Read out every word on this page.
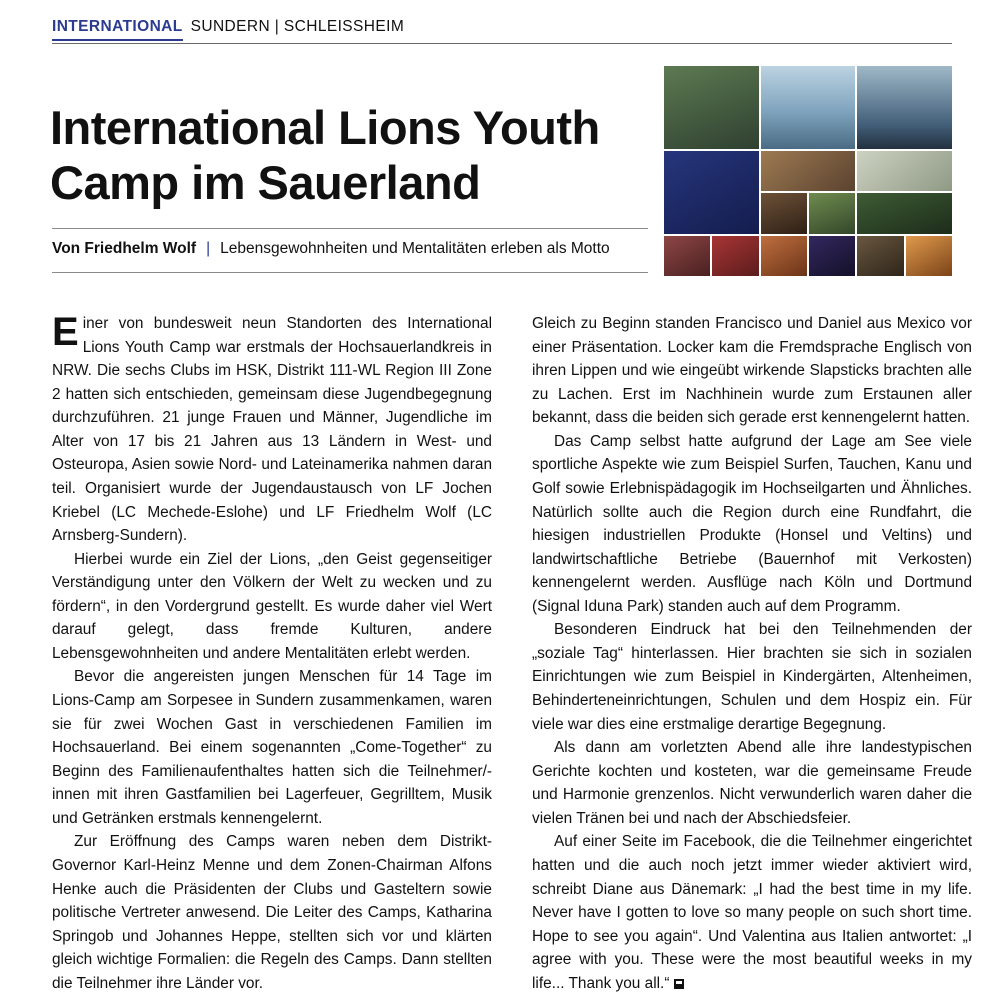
INTERNATIONAL SUNDERN | SCHLEISSHEIM
International Lions Youth Camp im Sauerland
Von Friedhelm Wolf | Lebensgewohnheiten und Mentalitäten erleben als Motto

Einer von bundesweit neun Standorten des International Lions Youth Camp war erstmals der Hochsauerlandkreis in NRW. Die sechs Clubs im HSK, Distrikt 111-WL Region III Zone 2 hatten sich entschieden, gemeinsam diese Jugendbegegnung durchzuführen. 21 junge Frauen und Männer, Jugendliche im Alter von 17 bis 21 Jahren aus 13 Ländern in West- und Osteuropa, Asien sowie Nord- und Lateinamerika nahmen daran teil. Organisiert wurde der Jugendaustausch von LF Jochen Kriebel (LC Mechede-Eslohe) und LF Friedhelm Wolf (LC Arnsberg-Sundern).

Hierbei wurde ein Ziel der Lions, „den Geist gegenseitiger Verständigung unter den Völkern der Welt zu wecken und zu fördern“, in den Vordergrund gestellt. Es wurde daher viel Wert darauf gelegt, dass fremde Kulturen, andere Lebensgewohnheiten und andere Mentalitäten erlebt werden.

Bevor die angereisten jungen Menschen für 14 Tage im Lions-Camp am Sorpesee in Sundern zusammenkamen, waren sie für zwei Wochen Gast in verschiedenen Familien im Hochsauerland. Bei einem sogenannten „Come-Together“ zu Beginn des Familienaufenthaltes hatten sich die Teilnehmer/-innen mit ihren Gastfamilien bei Lagerfeuer, Gegrilltem, Musik und Getränken erstmals kennengelernt.

Zur Eröffnung des Camps waren neben dem Distrikt-Governor Karl-Heinz Menne und dem Zonen-Chairman Alfons Henke auch die Präsidenten der Clubs und Gasteltern sowie politische Vertreter anwesend. Die Leiter des Camps, Katharina Springob und Johannes Heppe, stellten sich vor und klärten gleich wichtige Formalien: die Regeln des Camps. Dann stellten die Teilnehmer ihre Länder vor.

Gleich zu Beginn standen Francisco und Daniel aus Mexico vor einer Präsentation. Locker kam die Fremdsprache Englisch von ihren Lippen und wie eingeübt wirkende Slapsticks brachten alle zu Lachen. Erst im Nachhinein wurde zum Erstaunen aller bekannt, dass die beiden sich gerade erst kennengelernt hatten.

Das Camp selbst hatte aufgrund der Lage am See viele sportliche Aspekte wie zum Beispiel Surfen, Tauchen, Kanu und Golf sowie Erlebnispädagogik im Hochseilgarten und Ähnliches. Natürlich sollte auch die Region durch eine Rundfahrt, die hiesigen industriellen Produkte (Honsel und Veltins) und landwirtschaftliche Betriebe (Bauernhof mit Verkosten) kennengelernt werden. Ausflüge nach Köln und Dortmund (Signal Iduna Park) standen auch auf dem Programm.

Besonderen Eindruck hat bei den Teilnehmenden der „soziale Tag“ hinterlassen. Hier brachten sie sich in sozialen Einrichtungen wie zum Beispiel in Kindergärten, Altenheimen, Behinderteneinrichtungen, Schulen und dem Hospiz ein. Für viele war dies eine erstmalige derartige Begegnung.

Als dann am vorletzten Abend alle ihre landestypischen Gerichte kochten und kosteten, war die gemeinsame Freude und Harmonie grenzenlos. Nicht verwunderlich waren daher die vielen Tränen bei und nach der Abschiedsfeier.

Auf einer Seite im Facebook, die die Teilnehmer eingerichtet hatten und die auch noch jetzt immer wieder aktiviert wird, schreibt Diane aus Dänemark: „I had the best time in my life. Never have I gotten to love so many people on such short time. Hope to see you again“. Und Valentina aus Italien antwortet: „I agree with you. These were the most beautiful weeks in my life... Thank you all.“
